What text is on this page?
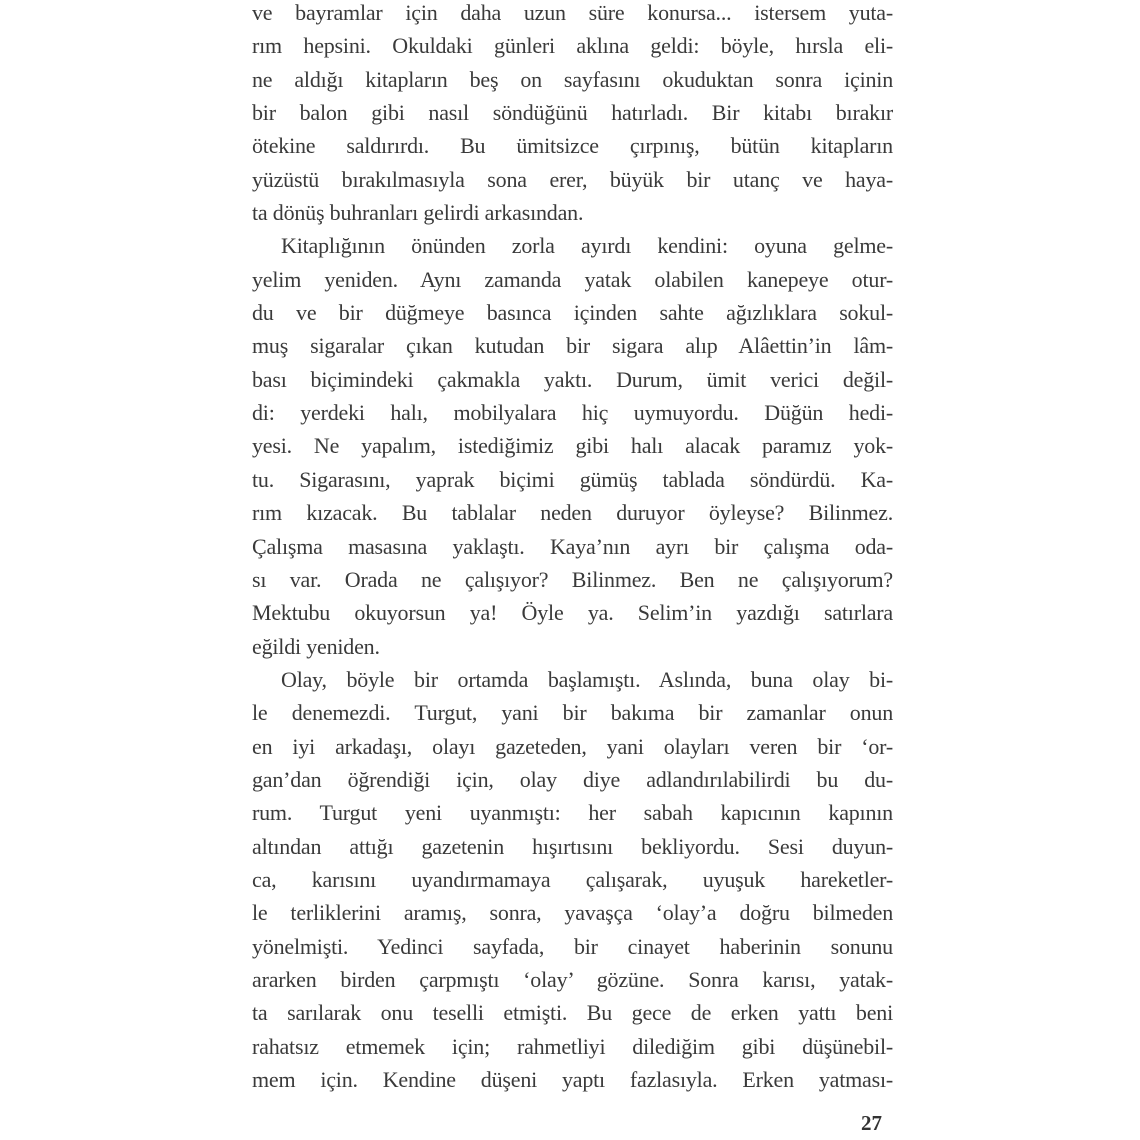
ve bayramlar için daha uzun süre konursa... istersem yuta-
rım hepsini. Okuldaki günleri aklına geldi: böyle, hırsla eli-
ne aldığı kitapların beş on sayfasını okuduktan sonra içinin
bir balon gibi nasıl söndüğünü hatırladı. Bir kitabı bırakır
ötekine saldırırdı. Bu ümitsizce çırpınış, bütün kitapların
yüzüstü bırakılmasıyla sona erer, büyük bir utanç ve haya-
ta dönüş buhranları gelirdi arkasından.
Kitaplığının önünden zorla ayırdı kendini: oyuna gelme-
yelim yeniden. Aynı zamanda yatak olabilen kanepeye otur-
du ve bir düğmeye basınca içinden sahte ağızlıklara sokul-
muş sigaralar çıkan kutudan bir sigara alıp Alâettin’in lâm-
bası biçimindeki çakmakla yaktı. Durum, ümit verici değil-
di: yerdeki halı, mobilyalara hiç uymuyordu. Düğün hedi-
yesi. Ne yapalım, istediğimiz gibi halı alacak paramız yok-
tu. Sigarasını, yaprak biçimi gümüş tablada söndürdü. Ka-
rım kızacak. Bu tablalar neden duruyor öyleyse? Bilinmez.
Çalışma masasına yaklaştı. Kaya’nın ayrı bir çalışma oda-
sı var. Orada ne çalışıyor? Bilinmez. Ben ne çalışıyorum?
Mektubu okuyorsun ya! Öyle ya. Selim’in yazdığı satırlara
eğildi yeniden.
Olay, böyle bir ortamda başlamıştı. Aslında, buna olay bi-
le denemezdi. Turgut, yani bir bakıma bir zamanlar onun
en iyi arkadaşı, olayı gazeteden, yani olayları veren bir ‘or-
gan’dan öğrendiği için, olay diye adlandırılabilirdi bu du-
rum. Turgut yeni uyanmıştı: her sabah kapıcının kapının
altından attığı gazetenin hışırtısını bekliyordu. Sesi duyun-
ca, karısını uyandırmamaya çalışarak, uyuşuk hareketler-
le terliklerini aramış, sonra, yavaşça ‘olay’a doğru bilmeden
yönelmişti. Yedinci sayfada, bir cinayet haberinin sonunu
ararken birden çarpmıştı ‘olay’ gözüne. Sonra karısı, yatak-
ta sarılarak onu teselli etmişti. Bu gece de erken yattı beni
rahatsız etmemek için; rahmetliyi dilediğim gibi düşünebil-
mem için. Kendine düşeni yaptı fazlasıyla. Erken yatması-
27
